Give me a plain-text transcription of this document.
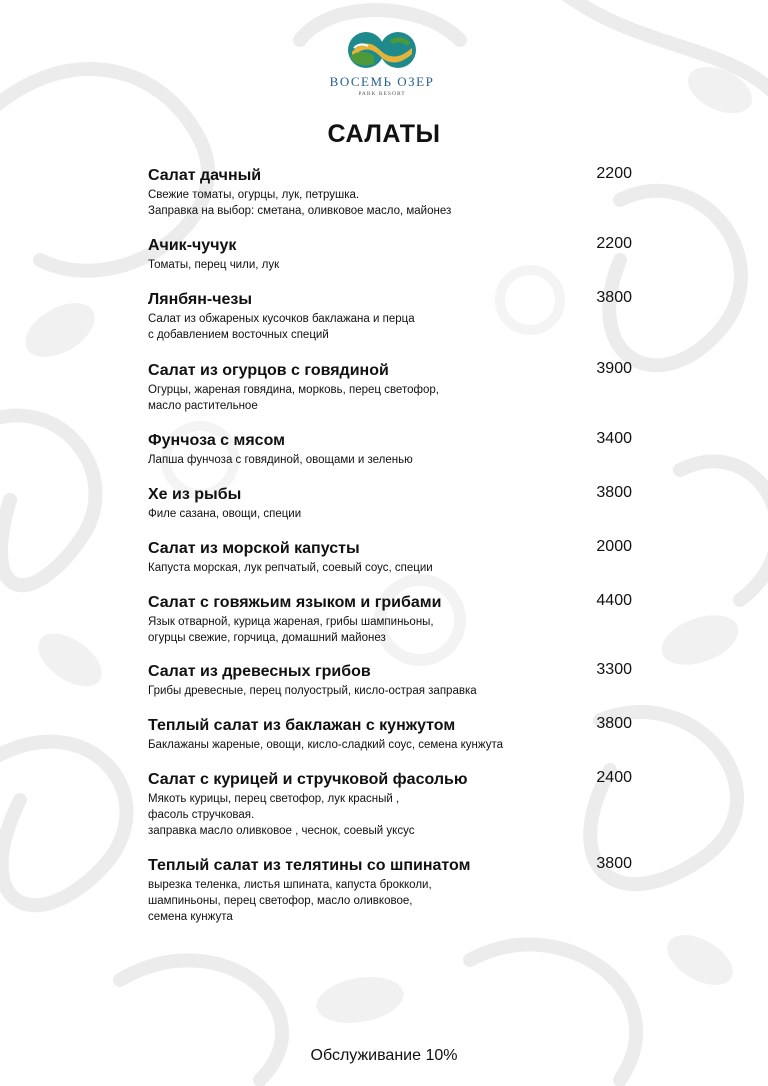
ВОСЕМЬ ОЗЕР
PARK RESORT
САЛАТЫ
Салат дачный	2200
Свежие томаты, огурцы, лук, петрушка.
Заправка на выбор: сметана, оливковое масло, майонез
Ачик-чучук	2200
Томаты, перец чили, лук
Лянбян-чезы	3800
Салат из обжареных кусочков баклажана и перца
с добавлением восточных специй
Салат из огурцов с говядиной	3900
Огурцы, жареная говядина, морковь, перец светофор,
масло растительное
Фунчоза с мясом	3400
Лапша фунчоза с говядиной, овощами и зеленью
Хе из рыбы	3800
Филе сазана, овощи, специи
Салат из морской капусты	2000
Капуста морская, лук репчатый, соевый соус, специи
Салат с говяжьим языком и грибами	4400
Язык отварной, курица жареная, грибы шампиньоны,
огурцы свежие, горчица, домашний майонез
Салат из древесных грибов	3300
Грибы древесные, перец полуострый, кисло-острая заправка
Теплый салат из баклажан с кунжутом	3800
Баклажаны жареные, овощи, кисло-сладкий соус, семена кунжута
Салат с курицей и стручковой фасолью	2400
Мякоть курицы, перец светофор, лук красный ,
фасоль стручковая.
заправка масло оливковое , чеснок, соевый уксус
Теплый салат из телятины со шпинатом	3800
вырезка теленка, листья шпината, капуста брокколи,
шампиньоны, перец светофор, масло оливковое,
семена кунжута
Обслуживание 10%
